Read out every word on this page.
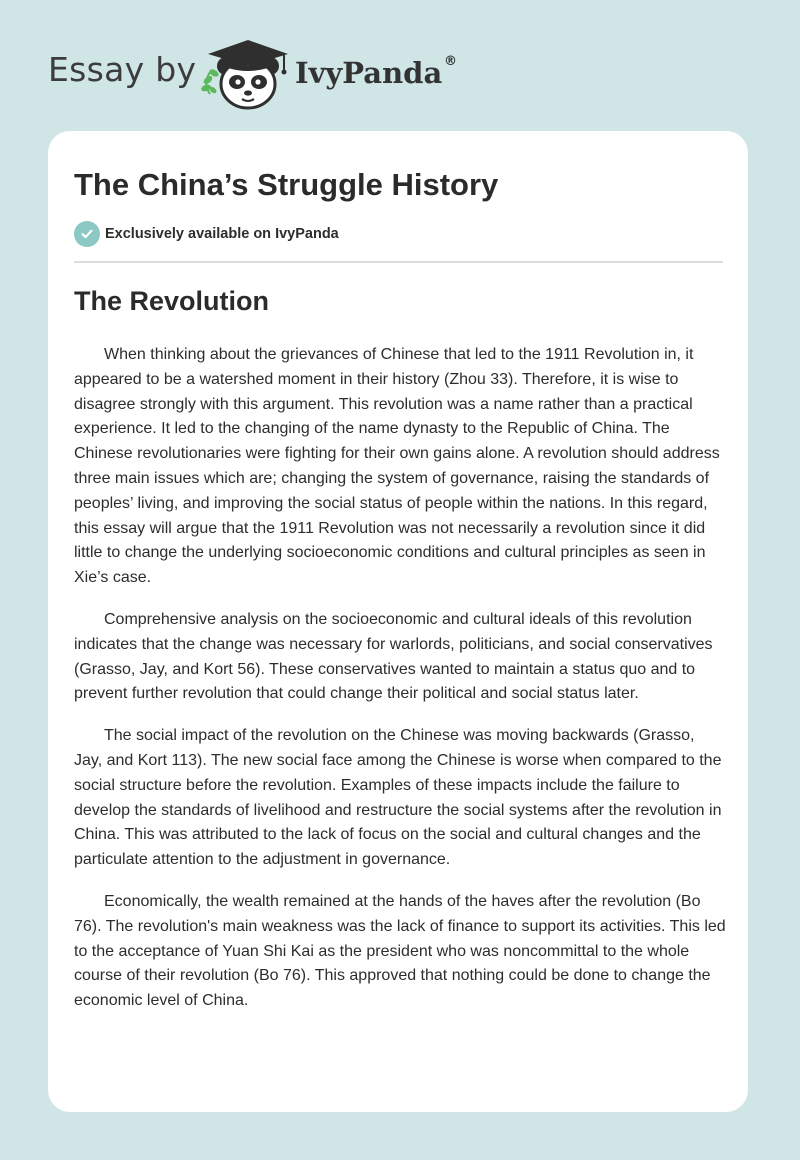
Essay by	IvyPanda ®
The China’s Struggle History
Exclusively available on IvyPanda
The Revolution

When thinking about the grievances of Chinese that led to the 1911 Revolution in, it appeared to be a watershed moment in their history (Zhou 33). Therefore, it is wise to disagree strongly with this argument. This revolution was a name rather than a practical experience. It led to the changing of the name dynasty to the Republic of China. The Chinese revolutionaries were fighting for their own gains alone. A revolution should address three main issues which are; changing the system of governance, raising the standards of peoples’ living, and improving the social status of people within the nations. In this regard, this essay will argue that the 1911 Revolution was not necessarily a revolution since it did little to change the underlying socioeconomic conditions and cultural principles as seen in Xie’s case.

Comprehensive analysis on the socioeconomic and cultural ideals of this revolution indicates that the change was necessary for warlords, politicians, and social conservatives (Grasso, Jay, and Kort 56). These conservatives wanted to maintain a status quo and to prevent further revolution that could change their political and social status later.

The social impact of the revolution on the Chinese was moving backwards (Grasso, Jay, and Kort 113). The new social face among the Chinese is worse when compared to the social structure before the revolution. Examples of these impacts include the failure to develop the standards of livelihood and restructure the social systems after the revolution in China. This was attributed to the lack of focus on the social and cultural changes and the particulate attention to the adjustment in governance.

Economically, the wealth remained at the hands of the haves after the revolution (Bo 76). The revolution's main weakness was the lack of finance to support its activities. This led to the acceptance of Yuan Shi Kai as the president who was noncommittal to the whole course of their revolution (Bo 76). This approved that nothing could be done to change the economic level of China.
